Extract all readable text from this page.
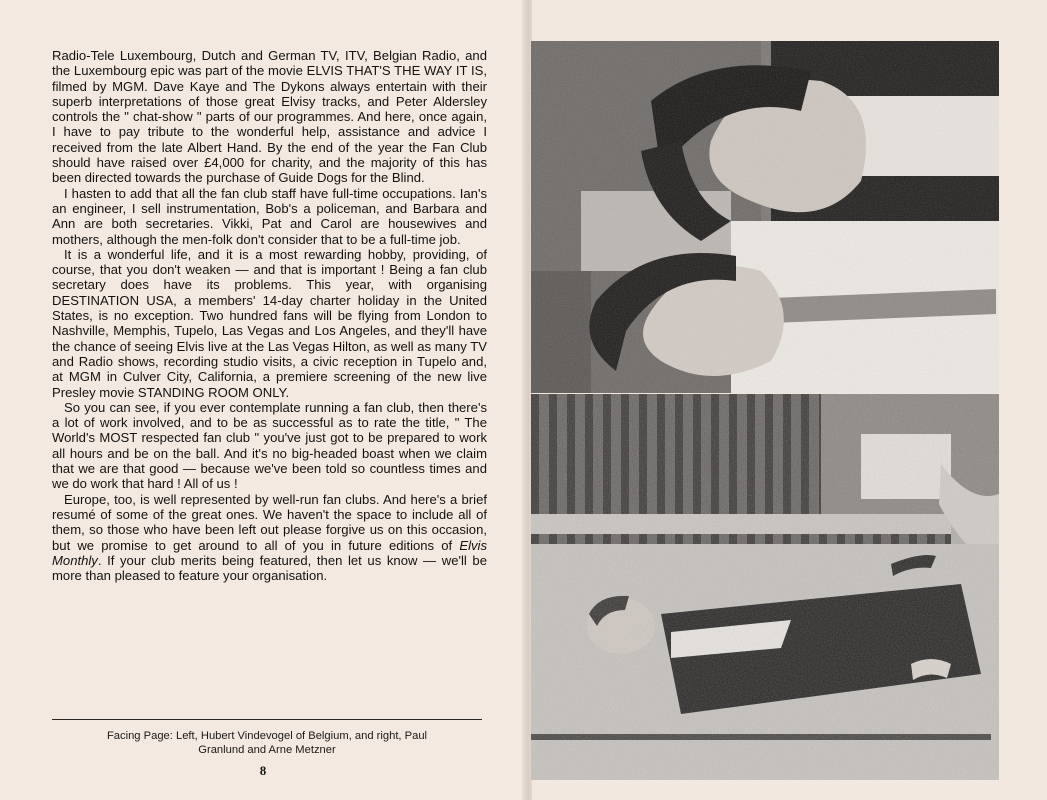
Radio-Tele Luxembourg, Dutch and German TV, ITV, Belgian Radio, and the Luxembourg epic was part of the movie ELVIS THAT'S THE WAY IT IS, filmed by MGM. Dave Kaye and The Dykons always entertain with their superb interpretations of those great Elvisy tracks, and Peter Aldersley controls the " chat-show " parts of our programmes. And here, once again, I have to pay tribute to the wonderful help, assistance and advice I received from the late Albert Hand. By the end of the year the Fan Club should have raised over £4,000 for charity, and the majority of this has been directed towards the purchase of Guide Dogs for the Blind.

I hasten to add that all the fan club staff have full-time occupations. Ian's an engineer, I sell instrumentation, Bob's a policeman, and Barbara and Ann are both secretaries. Vikki, Pat and Carol are housewives and mothers, although the men-folk don't consider that to be a full-time job.

It is a wonderful life, and it is a most rewarding hobby, providing, of course, that you don't weaken — and that is important ! Being a fan club secretary does have its problems. This year, with organising DESTINATION USA, a members' 14-day charter holiday in the United States, is no exception. Two hundred fans will be flying from London to Nashville, Memphis, Tupelo, Las Vegas and Los Angeles, and they'll have the chance of seeing Elvis live at the Las Vegas Hilton, as well as many TV and Radio shows, recording studio visits, a civic reception in Tupelo and, at MGM in Culver City, California, a premiere screening of the new live Presley movie STANDING ROOM ONLY.

So you can see, if you ever contemplate running a fan club, then there's a lot of work involved, and to be as successful as to rate the title, " The World's MOST respected fan club " you've just got to be prepared to work all hours and be on the ball. And it's no big-headed boast when we claim that we are that good — because we've been told so countless times and we do work that hard ! All of us !

Europe, too, is well represented by well-run fan clubs. And here's a brief resumé of some of the great ones. We haven't the space to include all of them, so those who have been left out please forgive us on this occasion, but we promise to get around to all of you in future editions of Elvis Monthly. If your club merits being featured, then let us know — we'll be more than pleased to feature your organisation.

Facing Page: Left, Hubert Vindevogel of Belgium, and right, Paul
Granlund and Arne Metzner
8
